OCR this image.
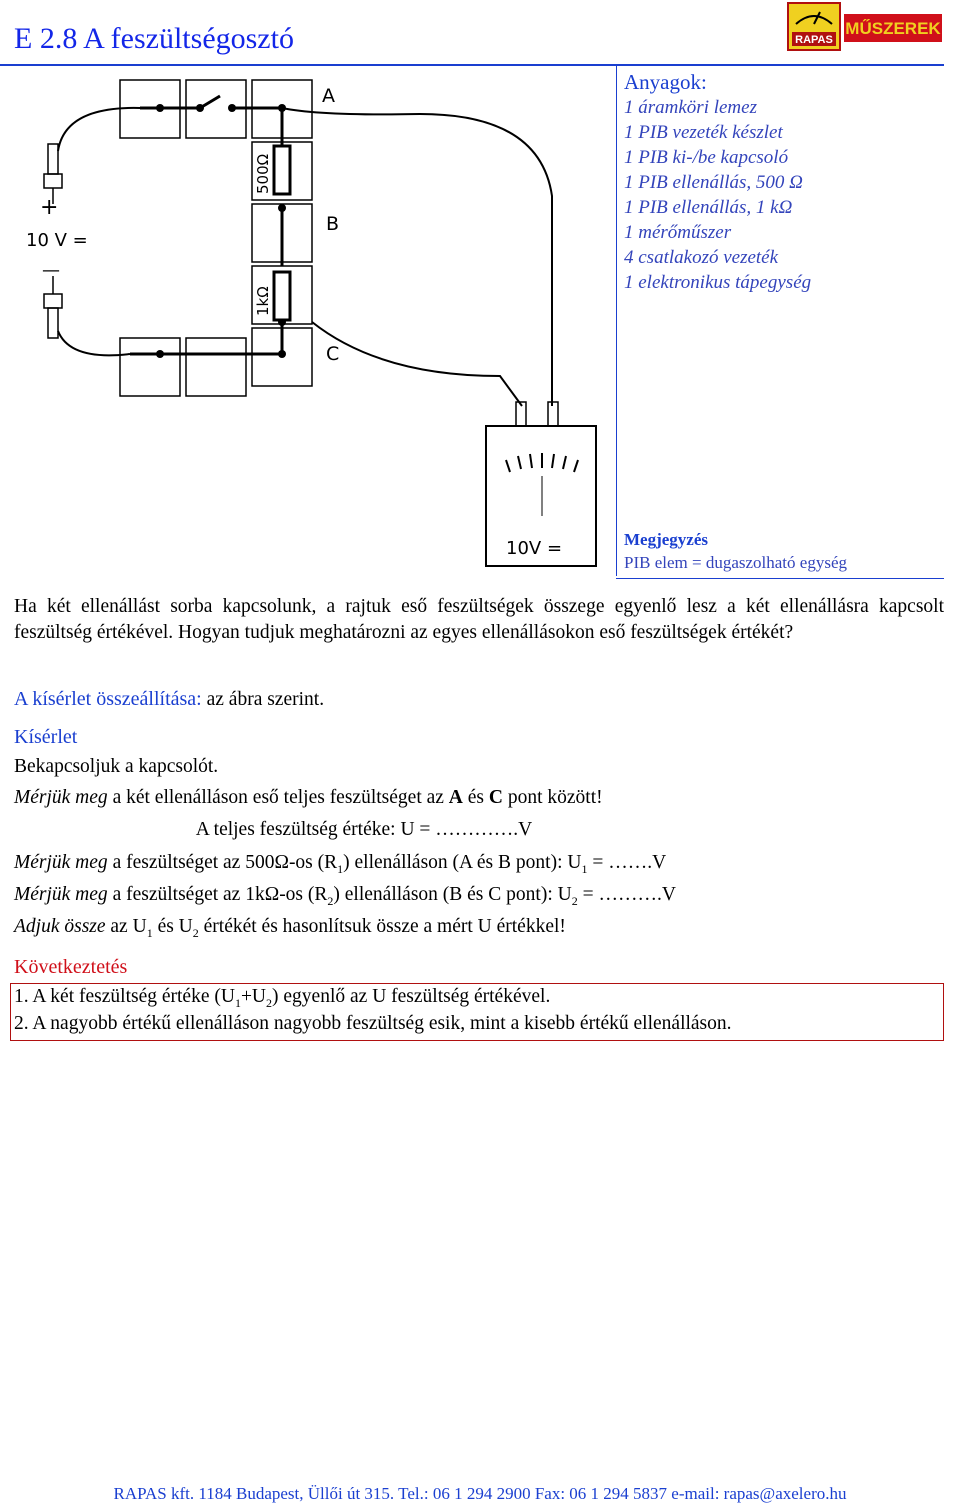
E 2.8 A feszültségosztó	RAPAS
MŰSZEREK
+
10 V =
—
500Ω
1kΩ
A
B
C
10V =
Anyagok:
1 áramköri lemez
1 PIB vezeték készlet
1 PIB ki-/be kapcsoló
1 PIB ellenállás, 500 Ω
1 PIB ellenállás, 1 kΩ
1 mérőműszer
4 csatlakozó vezeték
1 elektronikus tápegység
Megjegyzés
PIB elem = dugaszolható egység
Ha két ellenállást sorba kapcsolunk, a rajtuk eső feszültségek összege egyenlő lesz a két ellenállásra kapcsolt feszültség értékével. Hogyan tudjuk meghatározni az egyes ellenállásokon eső feszültségek értékét?
A kísérlet összeállítása: az ábra szerint.
Kísérlet
Bekapcsoljuk a kapcsolót.
Mérjük meg a két ellenálláson eső teljes feszültséget az A és C pont között!
A teljes feszültség értéke: U = ………….V
Mérjük meg a feszültséget az 500Ω-os $(R_1)$ ellenálláson (A és B pont): $U_1$ = …….V
Mérjük meg a feszültséget az 1kΩ-os $(R_2)$ ellenálláson (B és C pont): $U_2$ = ……….V
Adjuk össze az $U_1$ és $U_2$ értékét és hasonlítsuk össze a mért U értékkel!
Következtetés
1. A két feszültség értéke $(U_1+U_2)$ egyenlő az U feszültség értékével.
2. A nagyobb értékű ellenálláson nagyobb feszültség esik, mint a kisebb értékű ellenálláson.
RAPAS kft. 1184 Budapest, Üllői út 315. Tel.: 06 1 294 2900 Fax: 06 1 294 5837 e-mail: rapas@axelero.hu
